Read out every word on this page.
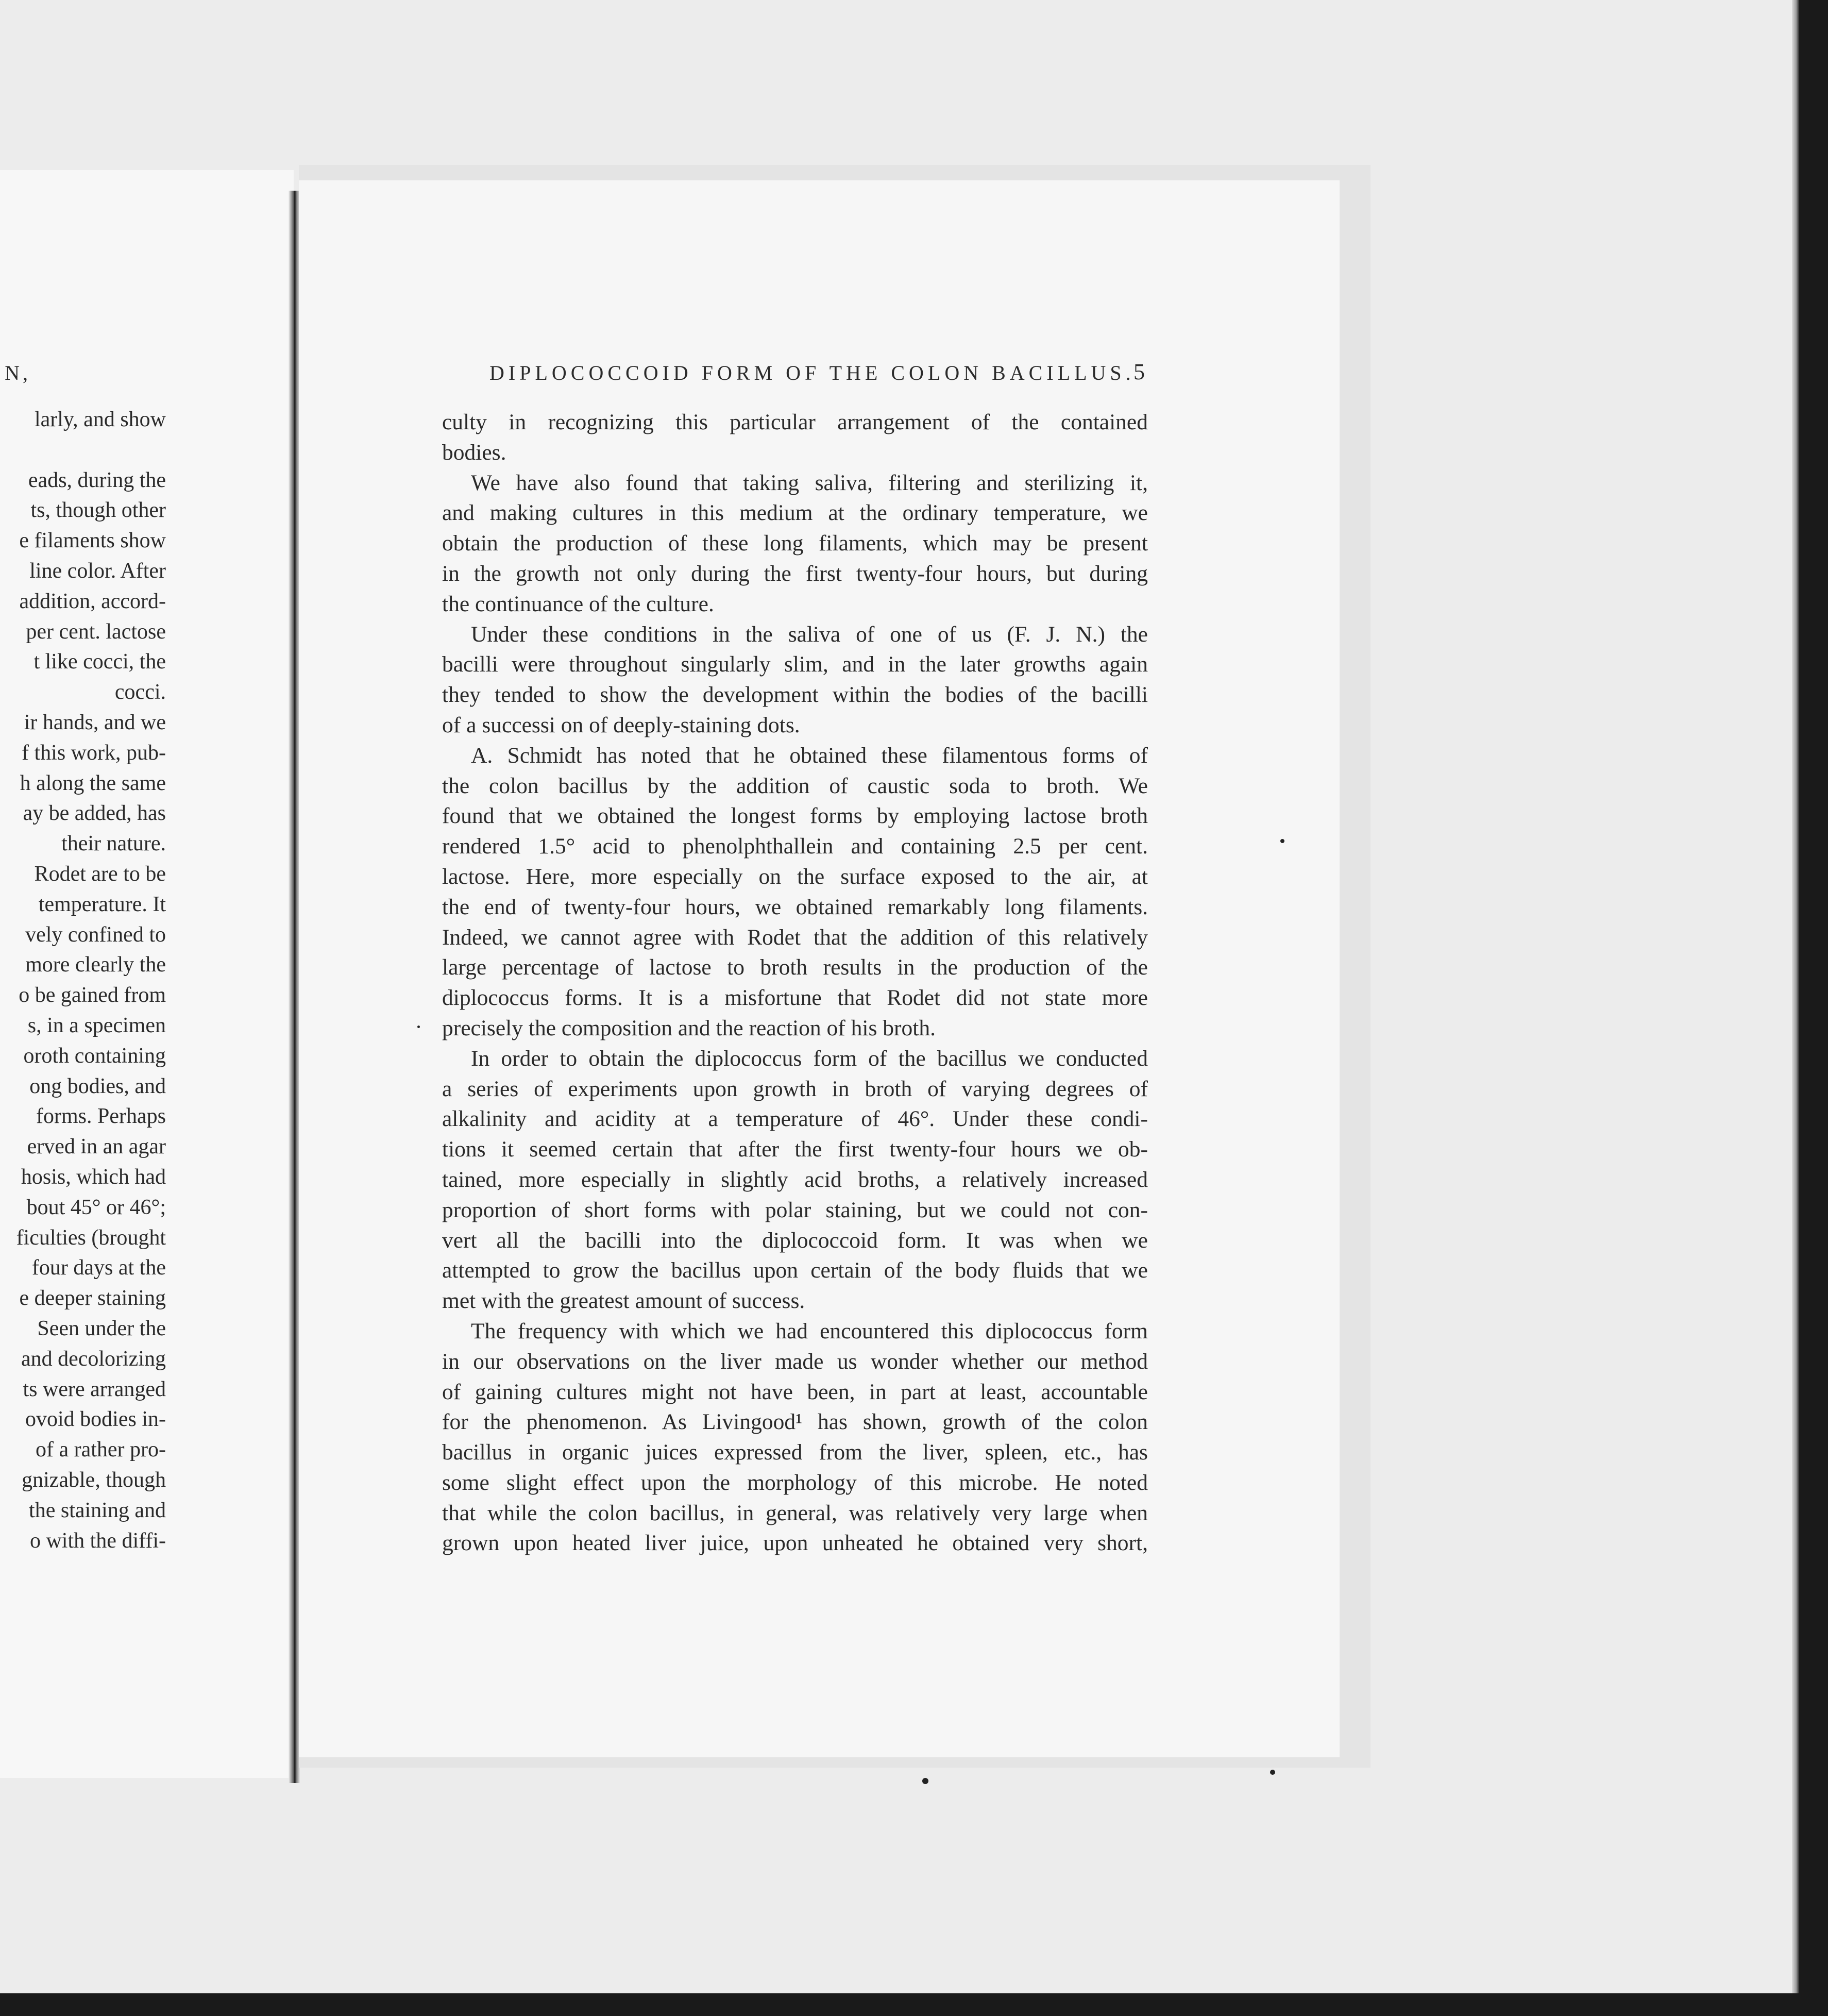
N,
larly, and show
eads, during the
ts, though other
e filaments show
line color. After
addition, accord-
per cent. lactose
t like cocci, the
cocci.
ir hands, and we
f this work, pub-
h along the same
ay be added, has
their nature.
Rodet are to be
temperature. It
vely confined to
more clearly the
o be gained from
s, in a specimen
oroth containing
ong bodies, and
forms. Perhaps
erved in an agar
hosis, which had
bout 45° or 46°;
ficulties (brought
four days at the
e deeper staining
Seen under the
and decolorizing
ts were arranged
ovoid bodies in-
of a rather pro-
gnizable, though
the staining and
o with the diffi-
DIPLOCOCCOID FORM OF THE COLON BACILLUS.
5
culty in recognizing this particular arrangement of the contained
bodies.
We have also found that taking saliva, filtering and sterilizing it,
and making cultures in this medium at the ordinary temperature, we
obtain the production of these long filaments, which may be present
in the growth not only during the first twenty-four hours, but during
the continuance of the culture.
Under these conditions in the saliva of one of us (F. J. N.) the
bacilli were throughout singularly slim, and in the later growths again
they tended to show the development within the bodies of the bacilli
of a successi on of deeply-staining dots.
A. Schmidt has noted that he obtained these filamentous forms of
the colon bacillus by the addition of caustic soda to broth. We
found that we obtained the longest forms by employing lactose broth
rendered 1.5° acid to phenolphthallein and containing 2.5 per cent.
lactose. Here, more especially on the surface exposed to the air, at
the end of twenty-four hours, we obtained remarkably long filaments.
Indeed, we cannot agree with Rodet that the addition of this relatively
large percentage of lactose to broth results in the production of the
diplococcus forms. It is a misfortune that Rodet did not state more
precisely the composition and the reaction of his broth.
In order to obtain the diplococcus form of the bacillus we conducted
a series of experiments upon growth in broth of varying degrees of
alkalinity and acidity at a temperature of 46°. Under these condi-
tions it seemed certain that after the first twenty-four hours we ob-
tained, more especially in slightly acid broths, a relatively increased
proportion of short forms with polar staining, but we could not con-
vert all the bacilli into the diplococcoid form. It was when we
attempted to grow the bacillus upon certain of the body fluids that we
met with the greatest amount of success.
The frequency with which we had encountered this diplococcus form
in our observations on the liver made us wonder whether our method
of gaining cultures might not have been, in part at least, accountable
for the phenomenon. As Livingood¹ has shown, growth of the colon
bacillus in organic juices expressed from the liver, spleen, etc., has
some slight effect upon the morphology of this microbe. He noted
that while the colon bacillus, in general, was relatively very large when
grown upon heated liver juice, upon unheated he obtained very short,
